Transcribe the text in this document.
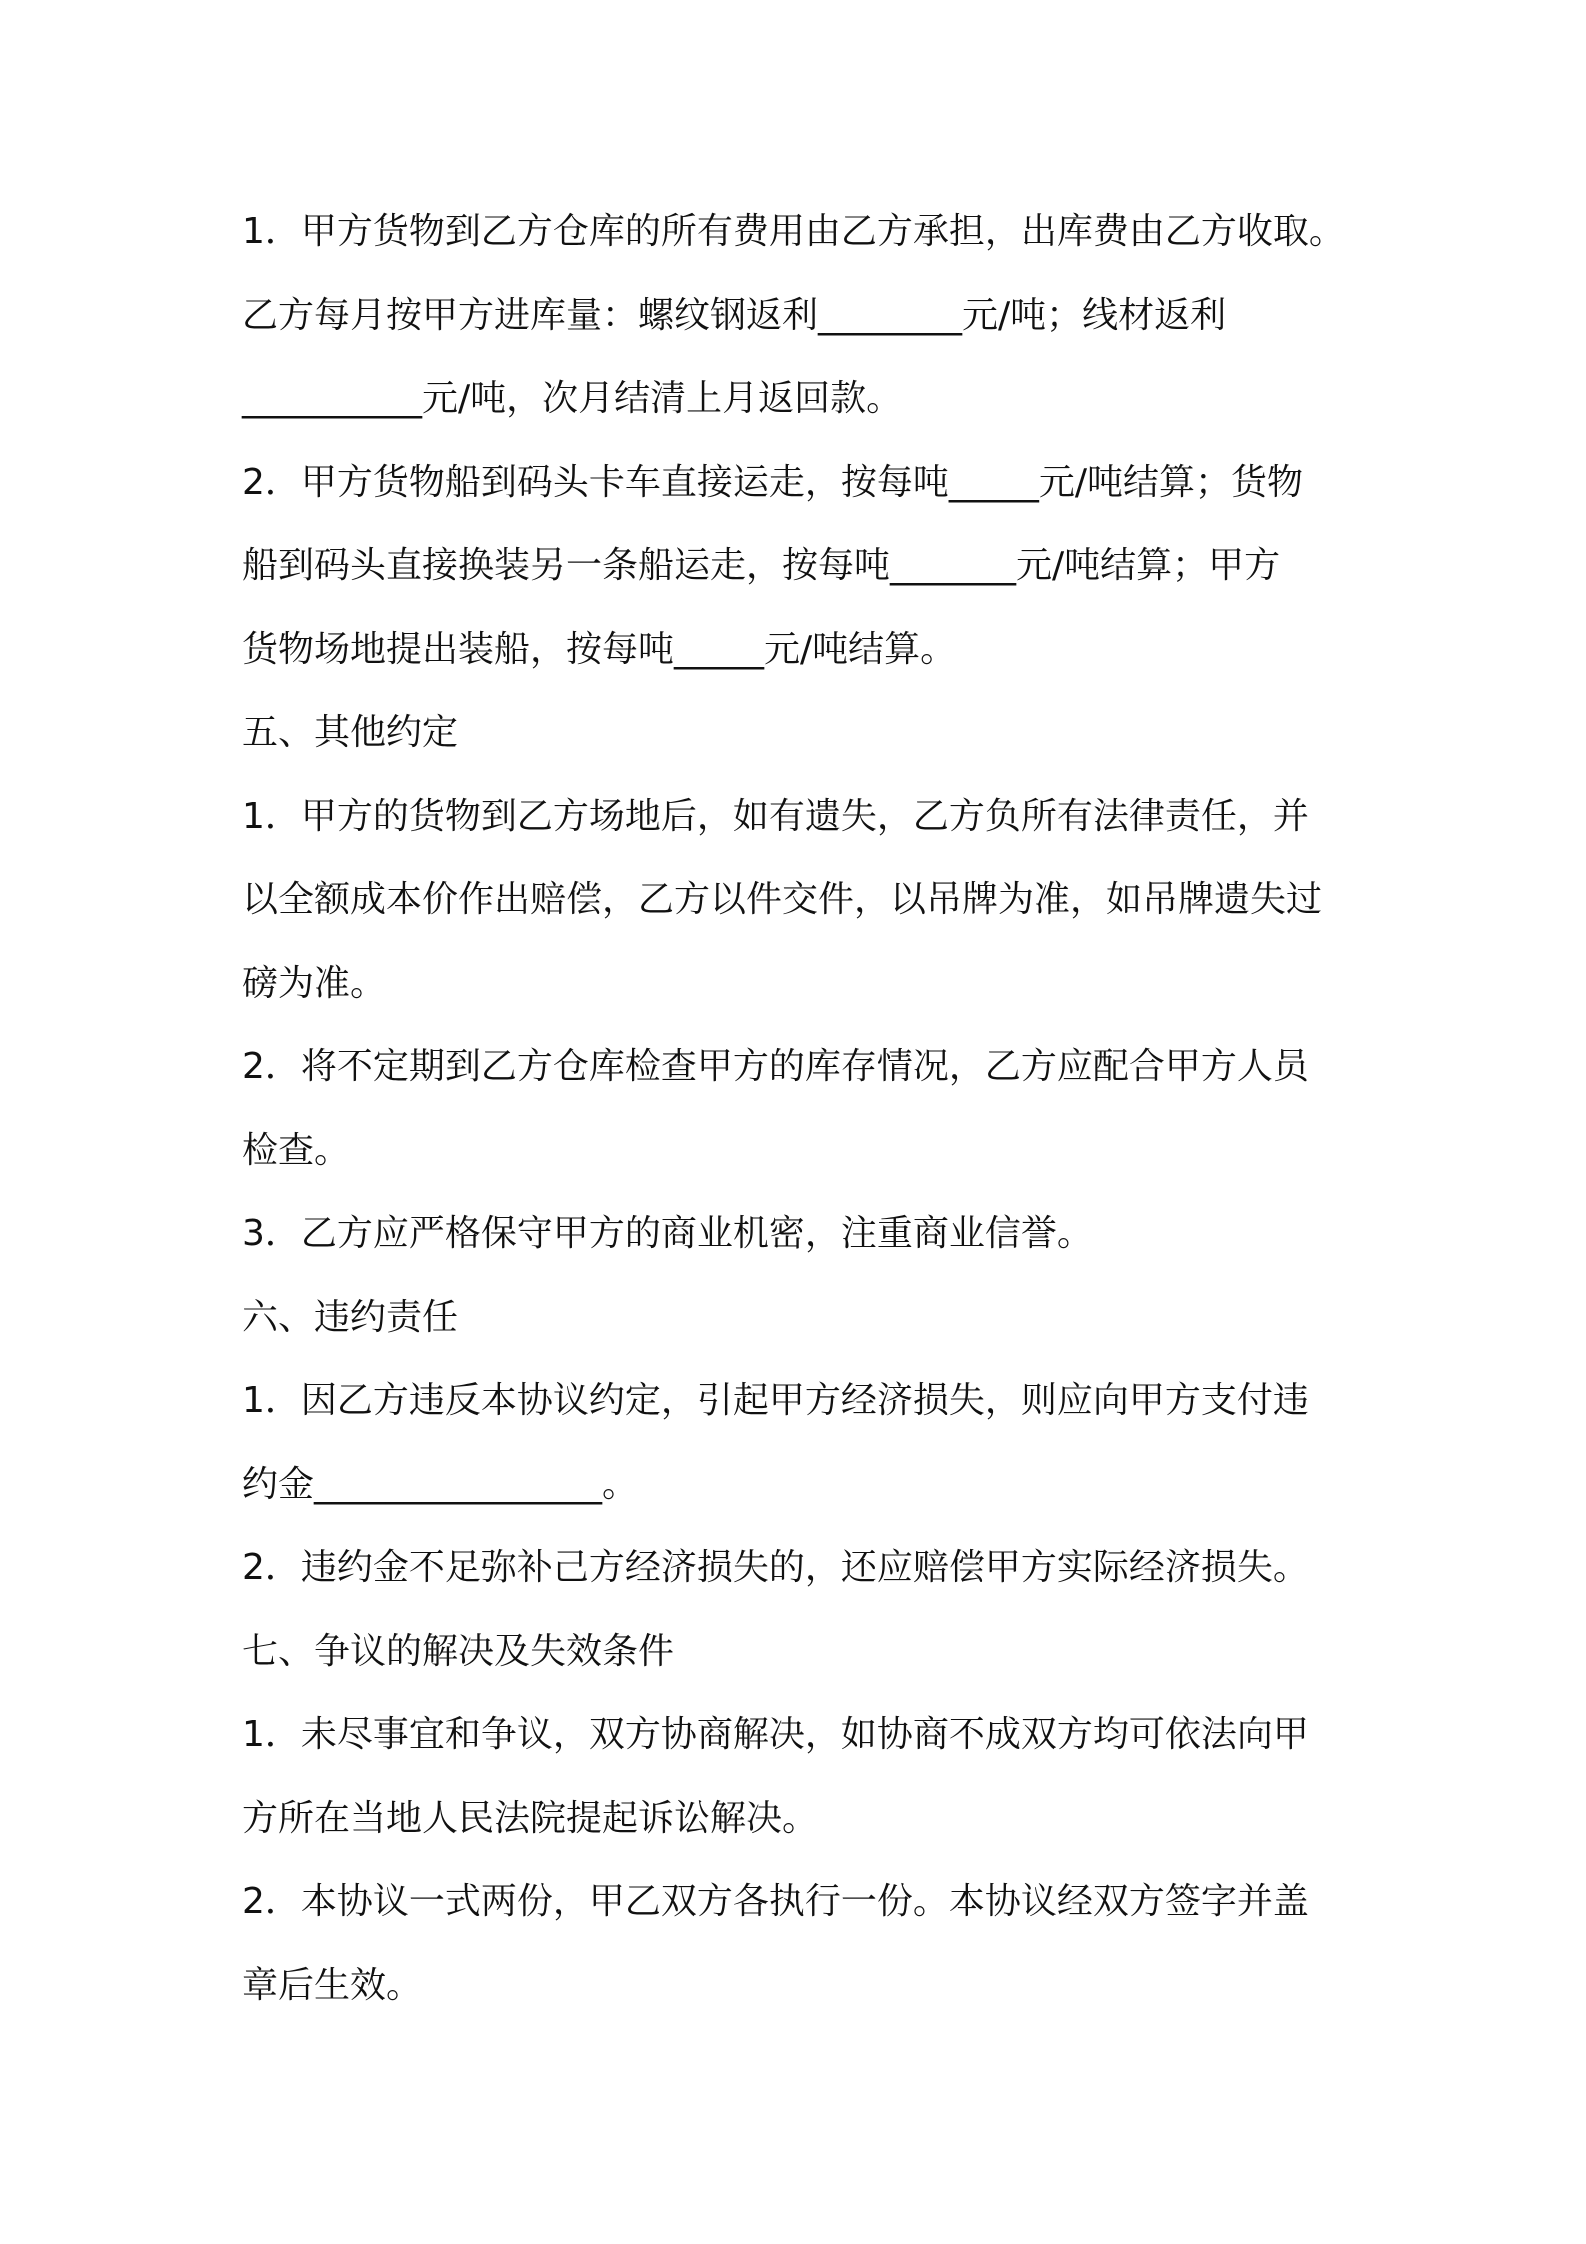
1．甲方货物到乙方仓库的所有费用由乙方承担，出库费由乙方收取。
乙方每月按甲方进库量：螺纹钢返利________元/吨；线材返利
__________元/吨，次月结清上月返回款。
2．甲方货物船到码头卡车直接运走，按每吨_____元/吨结算；货物
船到码头直接换装另一条船运走，按每吨_______元/吨结算；甲方
货物场地提出装船，按每吨_____元/吨结算。
五、其他约定
1．甲方的货物到乙方场地后，如有遗失，乙方负所有法律责任，并
以全额成本价作出赔偿，乙方以件交件，以吊牌为准，如吊牌遗失过
磅为准。
2．将不定期到乙方仓库检查甲方的库存情况，乙方应配合甲方人员
检查。
3．乙方应严格保守甲方的商业机密，注重商业信誉。
六、违约责任
1．因乙方违反本协议约定，引起甲方经济损失，则应向甲方支付违
约金________________。
2．违约金不足弥补己方经济损失的，还应赔偿甲方实际经济损失。
七、争议的解决及失效条件
1．未尽事宜和争议，双方协商解决，如协商不成双方均可依法向甲
方所在当地人民法院提起诉讼解决。
2．本协议一式两份，甲乙双方各执行一份。本协议经双方签字并盖
章后生效。
